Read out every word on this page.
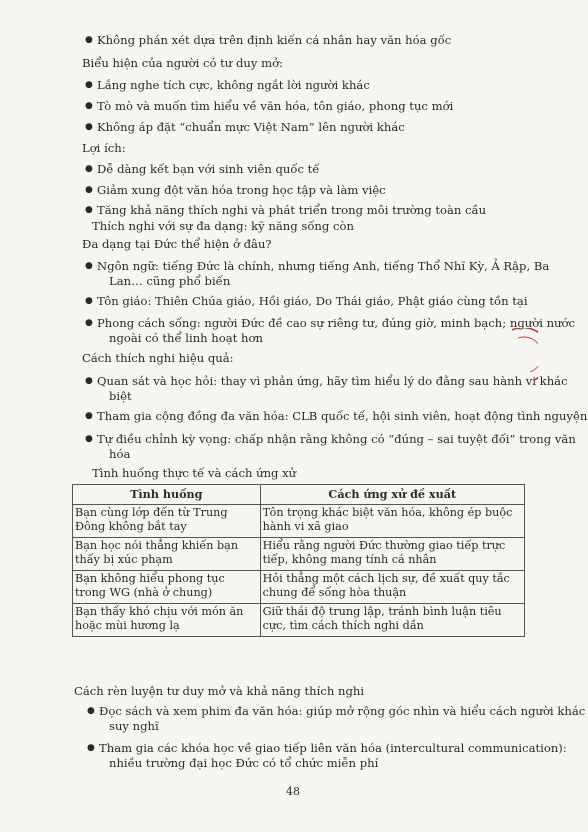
● Không phán xét dựa trên định kiến cá nhân hay văn hóa gốc
Biểu hiện của người có tư duy mở:
● Lắng nghe tích cực, không ngắt lời người khác
● Tò mò và muốn tìm hiểu về văn hóa, tôn giáo, phong tục mới
● Không áp đặt “chuẩn mực Việt Nam” lên người khác
Lợi ích:
● Dễ dàng kết bạn với sinh viên quốc tế
● Giảm xung đột văn hóa trong học tập và làm việc
● Tăng khả năng thích nghi và phát triển trong môi trường toàn cầu
Thích nghi với sự đa dạng: kỹ năng sống còn
Đa dạng tại Đức thể hiện ở đâu?
● Ngôn ngữ: tiếng Đức là chính, nhưng tiếng Anh, tiếng Thổ Nhĩ Kỳ, Ả Rập, Ba
Lan… cũng phổ biến
● Tôn giáo: Thiên Chúa giáo, Hồi giáo, Do Thái giáo, Phật giáo cùng tồn tại
● Phong cách sống: người Đức đề cao sự riêng tư, đúng giờ, minh bạch; người nước
ngoài có thể linh hoạt hơn
Cách thích nghi hiệu quả:
● Quan sát và học hỏi: thay vì phản ứng, hãy tìm hiểu lý do đằng sau hành vi khác
biệt
● Tham gia cộng đồng đa văn hóa: CLB quốc tế, hội sinh viên, hoạt động tình nguyện
● Tự điều chỉnh kỳ vọng: chấp nhận rằng không có “đúng – sai tuyệt đối” trong văn
hóa
Tình huống thực tế và cách ứng xử
Cách rèn luyện tư duy mở và khả năng thích nghi
● Đọc sách và xem phim đa văn hóa: giúp mở rộng góc nhìn và hiểu cách người khác
suy nghĩ
● Tham gia các khóa học về giao tiếp liên văn hóa (intercultural communication):
nhiều trường đại học Đức có tổ chức miễn phí
Tình huống	Cách ứng xử đề xuất
Bạn cùng lớp đến từ Trung Đông không bắt tay	Tôn trọng khác biệt văn hóa, không ép buộc hành vi xã giao
Bạn học nói thẳng khiến bạn thấy bị xúc phạm	Hiểu rằng người Đức thường giao tiếp trực tiếp, không mang tính cá nhân
Bạn không hiểu phong tục trong WG (nhà ở chung)	Hỏi thẳng một cách lịch sự, đề xuất quy tắc chung để sống hòa thuận
Bạn thấy khó chịu với món ăn hoặc mùi hương lạ	Giữ thái độ trung lập, tránh bình luận tiêu cực, tìm cách thích nghi dần
48
